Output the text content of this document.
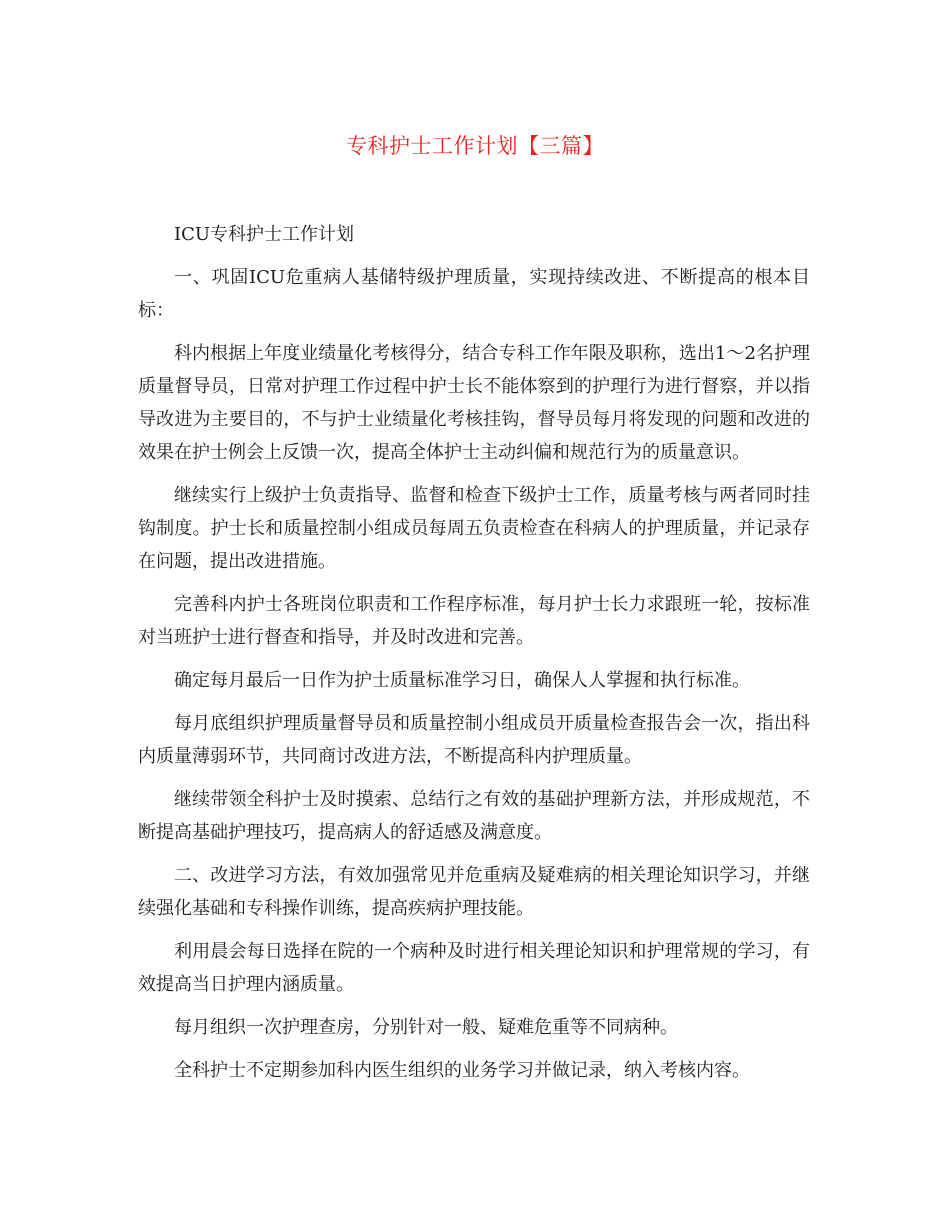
专科护士工作计划【三篇】

ICU专科护士工作计划

一、巩固ICU危重病人基储特级护理质量，实现持续改进、不断提高的根本目标：

科内根据上年度业绩量化考核得分，结合专科工作年限及职称，选出1～2名护理质量督导员，日常对护理工作过程中护士长不能体察到的护理行为进行督察，并以指导改进为主要目的，不与护士业绩量化考核挂钩，督导员每月将发现的问题和改进的效果在护士例会上反馈一次，提高全体护士主动纠偏和规范行为的质量意识。

继续实行上级护士负责指导、监督和检查下级护士工作，质量考核与两者同时挂钩制度。护士长和质量控制小组成员每周五负责检查在科病人的护理质量，并记录存在问题，提出改进措施。

完善科内护士各班岗位职责和工作程序标准，每月护士长力求跟班一轮，按标准对当班护士进行督查和指导，并及时改进和完善。

确定每月最后一日作为护士质量标准学习日，确保人人掌握和执行标准。

每月底组织护理质量督导员和质量控制小组成员开质量检查报告会一次，指出科内质量薄弱环节，共同商讨改进方法，不断提高科内护理质量。

继续带领全科护士及时摸索、总结行之有效的基础护理新方法，并形成规范，不断提高基础护理技巧，提高病人的舒适感及满意度。

二、改进学习方法，有效加强常见并危重病及疑难病的相关理论知识学习，并继续强化基础和专科操作训练，提高疾病护理技能。

利用晨会每日选择在院的一个病种及时进行相关理论知识和护理常规的学习，有效提高当日护理内涵质量。

每月组织一次护理查房，分别针对一般、疑难危重等不同病种。

全科护士不定期参加科内医生组织的业务学习并做记录，纳入考核内容。
